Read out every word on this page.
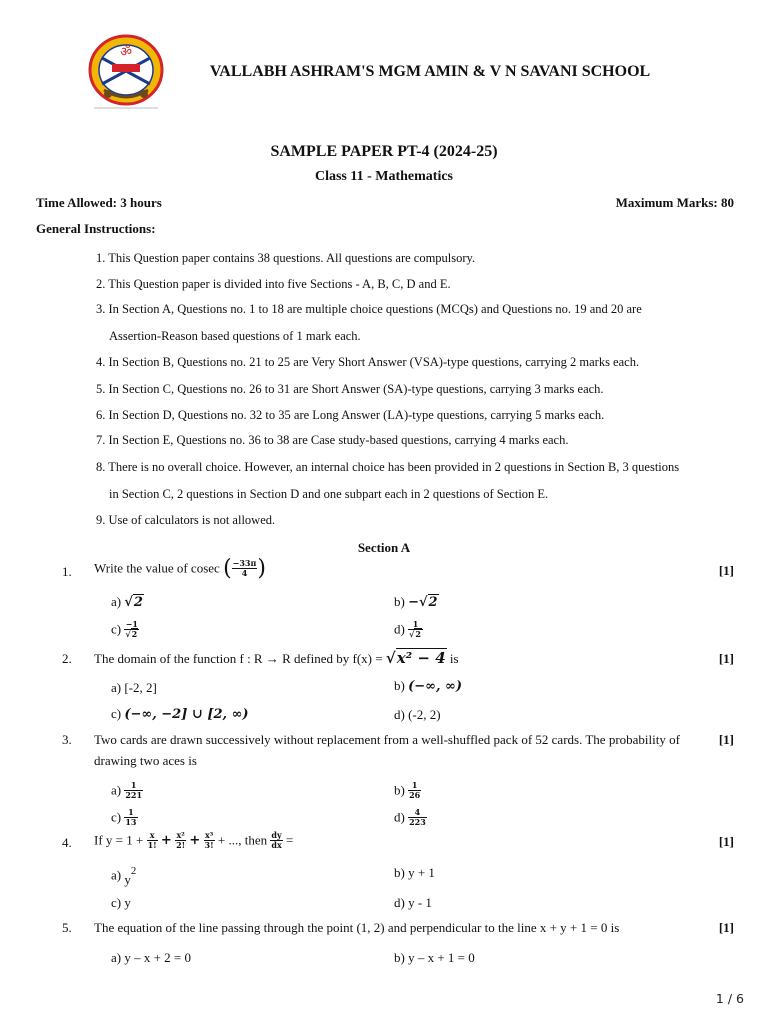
ॐ
VALLABH ASHRAM'S MGM AMIN & V N SAVANI SCHOOL
SAMPLE PAPER PT-4 (2024-25)
Class 11 - Mathematics
Time Allowed: 3 hours	Maximum Marks: 80
General Instructions:
1. This Question paper contains 38 questions. All questions are compulsory.
2. This Question paper is divided into five Sections - A, B, C, D and E.
3. In Section A, Questions no. 1 to 18 are multiple choice questions (MCQs) and Questions no. 19 and 20 are
Assertion-Reason based questions of 1 mark each.
4. In Section B, Questions no. 21 to 25 are Very Short Answer (VSA)-type questions, carrying 2 marks each.
5. In Section C, Questions no. 26 to 31 are Short Answer (SA)-type questions, carrying 3 marks each.
6. In Section D, Questions no. 32 to 35 are Long Answer (LA)-type questions, carrying 5 marks each.
7. In Section E, Questions no. 36 to 38 are Case study-based questions, carrying 4 marks each.
8. There is no overall choice. However, an internal choice has been provided in 2 questions in Section B, 3 questions
in Section C, 2 questions in Section D and one subpart each in 2 questions of Section E.
9. Use of calculators is not allowed.
Section A
1. Write the value of cosec ( $\frac{-33\pi}{4}$ )	[1]
a) √2	b) −√2
$c) \frac{-1}{√2}$	$d) \frac{1}{√2}$
2. The domain of the function f : R → R defined by f(x) = √x² − 4 is	[1]
a) [-2, 2]	b) (−∞, ∞)
c) (−∞, −2] ∪ [2, ∞)	d) (-2, 2)
3. Two cards are drawn successively without replacement from a well-shuffled pack of 52 cards. The probability of
drawing two aces is
[1]
$a) \frac{1}{221}$	$b) \frac{1}{26}$
$c) \frac{1}{13}$	$d) \frac{4}{223}$
4. If $y = 1 + \frac{x}{1!} + \frac{\text{x²}}{2!} + \frac{\text{x³}}{3!}$ + ..., then $\frac{dy}{dx}$ =	[1]
a) $y^2$	b) y + 1
c) y	d) y - 1
5. The equation of the line passing through the point (1, 2) and perpendicular to the line x + y + 1 = 0 is	[1]
a) y – x + 2 = 0	b) y – x + 1 = 0
1 / 6
